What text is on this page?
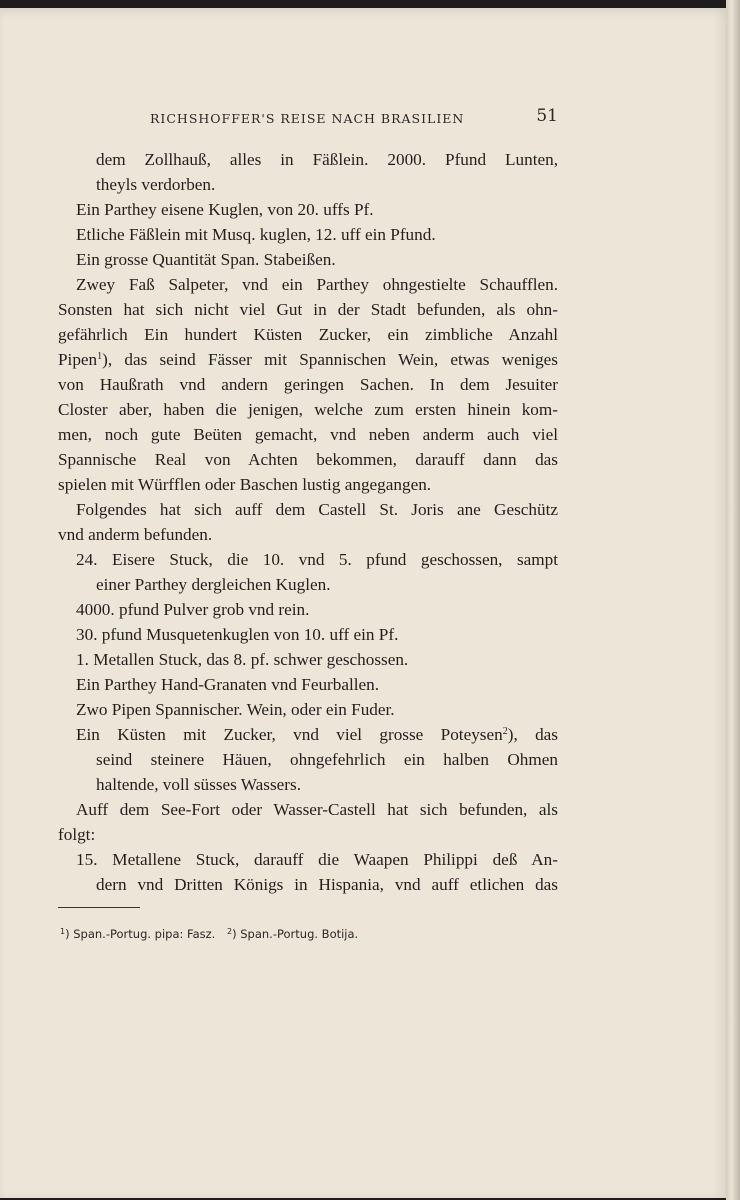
RICHSHOFFER'S REISE NACH BRASILIEN	51
dem Zollhauß, alles in Fäßlein. 2000. Pfund Lunten,
theyls verdorben.
Ein Parthey eisene Kuglen, von 20. uffs Pf.
Etliche Fäßlein mit Musq. kuglen, 12. uff ein Pfund.
Ein grosse Quantität Span. Stabeißen.
Zwey Faß Salpeter, vnd ein Parthey ohngestielte Schaufflen.
Sonsten hat sich nicht viel Gut in der Stadt befunden, als ohn-
gefährlich Ein hundert Küsten Zucker, ein zimbliche Anzahl
Pipen$^1$), das seind Fässer mit Spannischen Wein, etwas weniges
von Haußrath vnd andern geringen Sachen. In dem Jesuiter
Closter aber, haben die jenigen, welche zum ersten hinein kom-
men, noch gute Beüten gemacht, vnd neben anderm auch viel
Spannische Real von Achten bekommen, darauff dann das
spielen mit Würfflen oder Baschen lustig angegangen.
Folgendes hat sich auff dem Castell St. Joris ane Geschütz
vnd anderm befunden.
24. Eisere Stuck, die 10. vnd 5. pfund geschossen, sampt
einer Parthey dergleichen Kuglen.
4000. pfund Pulver grob vnd rein.
30. pfund Musquetenkuglen von 10. uff ein Pf.
1. Metallen Stuck, das 8. pf. schwer geschossen.
Ein Parthey Hand-Granaten vnd Feurballen.
Zwo Pipen Spannischer. Wein, oder ein Fuder.
Ein Küsten mit Zucker, vnd viel grosse Poteysen$^2$), das
seind steinere Häuen, ohngefehrlich ein halben Ohmen
haltende, voll süsses Wassers.
Auff dem See-Fort oder Wasser-Castell hat sich befunden, als
folgt:
15. Metallene Stuck, darauff die Waapen Philippi deß An-
dern vnd Dritten Königs in Hispania, vnd auff etlichen das
$^1$) Span.-Portug. pipa: Fasz. $^2$) Span.-Portug. Botija.
